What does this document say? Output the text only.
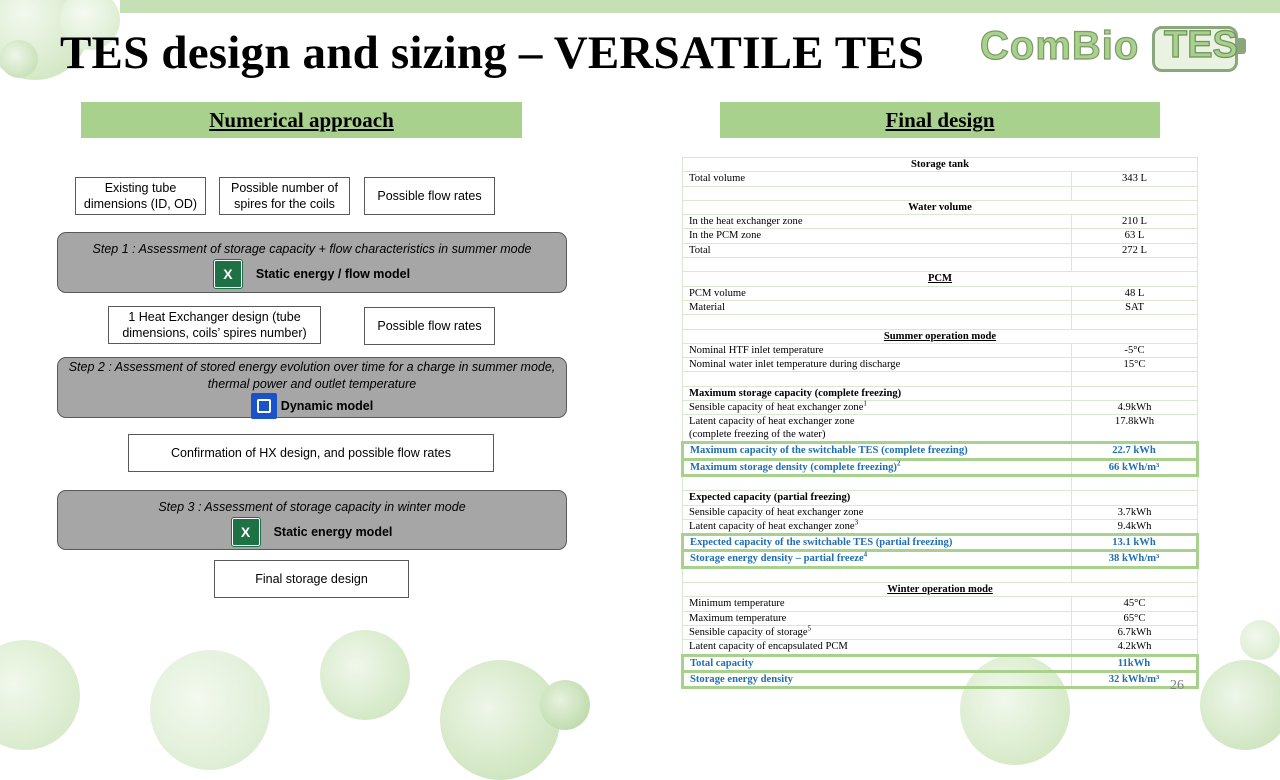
TES design and sizing – VERSATILE TES ComBio TES
Numerical approach
Existing tube dimensions (ID, OD)
Possible number of spires for the coils
Possible flow rates
Step 1 : Assessment of storage capacity + flow characteristics in summer mode
X	Static energy / flow model
1 Heat Exchanger design (tube dimensions, coils’ spires number)	Possible flow rates
Step 2 : Assessment of stored energy evolution over time for a charge in summer mode, thermal power and outlet temperature
Dynamic model
Confirmation of HX design, and possible flow rates
Step 3 : Assessment of storage capacity in winter mode
X	Static energy model
Final storage design
Final design
Storage tank	
Total volume	343 L

Water volume	
In the heat exchanger zone	210 L
In the PCM zone	63 L
Total	272 L

PCM	
PCM volume	48 L
Material	SAT

Summer operation mode	
Nominal HTF inlet temperature	-5°C
Nominal water inlet temperature during discharge	15°C

Maximum storage capacity (complete freezing)	
Sensible capacity of heat exchanger zone$^1$	4.9kWh
Latent capacity of heat exchanger zone
(complete freezing of the water)	17.8kWh
Maximum capacity of the switchable TES (complete freezing)	22.7 kWh
Maximum storage density (complete freezing)$^2$	66 kWh/m³

Expected capacity (partial freezing)	
Sensible capacity of heat exchanger zone	3.7kWh
Latent capacity of heat exchanger zone$^3$	9.4kWh
Expected capacity of the switchable TES (partial freezing)	13.1 kWh
Storage energy density – partial freeze$^4$	38 kWh/m³

Winter operation mode	
Minimum temperature	45°C
Maximum temperature	65°C
Sensible capacity of storage$^5$	6.7kWh
Latent capacity of encapsulated PCM	4.2kWh
Total capacity	11kWh
Storage energy density	32 kWh/m³ 26
